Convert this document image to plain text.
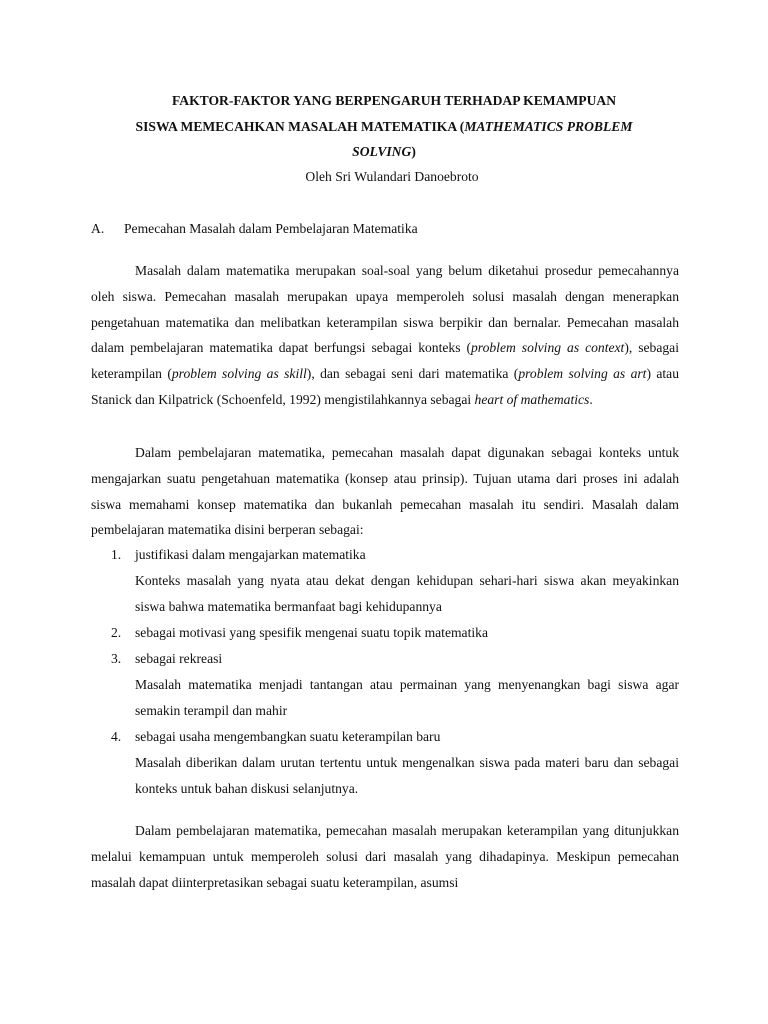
FAKTOR-FAKTOR YANG BERPENGARUH TERHADAP KEMAMPUAN
SISWA MEMECAHKAN MASALAH MATEMATIKA (MATHEMATICS PROBLEM
SOLVING)
Oleh Sri Wulandari Danoebroto
A. Pemecahan Masalah dalam Pembelajaran Matematika

Masalah dalam matematika merupakan soal-soal yang belum diketahui prosedur pemecahannya oleh siswa. Pemecahan masalah merupakan upaya memperoleh solusi masalah dengan menerapkan pengetahuan matematika dan melibatkan keterampilan siswa berpikir dan bernalar. Pemecahan masalah dalam pembelajaran matematika dapat berfungsi sebagai konteks (problem solving as context), sebagai keterampilan (problem solving as skill), dan sebagai seni dari matematika (problem solving as art) atau Stanick dan Kilpatrick (Schoenfeld, 1992) mengistilahkannya sebagai heart of mathematics.

Dalam pembelajaran matematika, pemecahan masalah dapat digunakan sebagai konteks untuk mengajarkan suatu pengetahuan matematika (konsep atau prinsip). Tujuan utama dari proses ini adalah siswa memahami konsep matematika dan bukanlah pemecahan masalah itu sendiri. Masalah dalam pembelajaran matematika disini berperan sebagai:

1. justifikasi dalam mengajarkan matematika
Konteks masalah yang nyata atau dekat dengan kehidupan sehari-hari siswa akan meyakinkan siswa bahwa matematika bermanfaat bagi kehidupannya
2. sebagai motivasi yang spesifik mengenai suatu topik matematika
3. sebagai rekreasi
Masalah matematika menjadi tantangan atau permainan yang menyenangkan bagi siswa agar semakin terampil dan mahir
4. sebagai usaha mengembangkan suatu keterampilan baru
Masalah diberikan dalam urutan tertentu untuk mengenalkan siswa pada materi baru dan sebagai konteks untuk bahan diskusi selanjutnya.

Dalam pembelajaran matematika, pemecahan masalah merupakan keterampilan yang ditunjukkan melalui kemampuan untuk memperoleh solusi dari masalah yang dihadapinya. Meskipun pemecahan masalah dapat diinterpretasikan sebagai suatu keterampilan, asumsi
